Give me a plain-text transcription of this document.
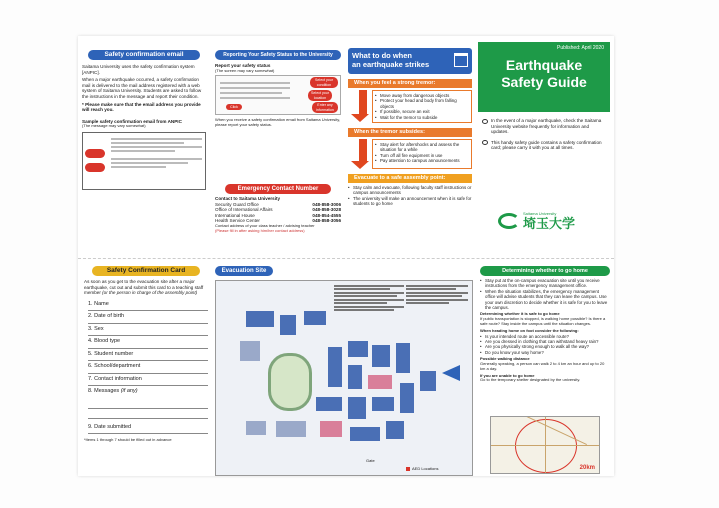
Safety confirmation email
Saitama University uses the safety confirmation system [ANPIC].
When a major earthquake occurred, a safety confirmation mail is delivered to the mail address registered with a web system of Saitama University. Students are asked to follow the instructions in the message and report their condition.
* Please make sure that the email address you provide will reach you.
Sample safety confirmation email from ANPIC
(The message may vary somewhat)
Reporting Your Safety Status to the University
Report your safety status
(The screen may vary somewhat)
Select your condition
Select your location
Enter any information
Click
When you receive a safety confirmation email from Saitama University, please report your safety status.
Emergency Contact Number
Contact to Saitama University
Security Guard Office	048-858-3006
Office of International Affairs	048-858-3028
International House	048-854-4555
Health Service Center	048-858-3056
Contact address of your class teacher / advising teacher
(Please fill in after asking him/her contact address)
What to do when
an earthquake strikes
When you feel a strong tremor:
• Move away from dangerous objects
• Protect your head and body from falling objects
• If possible, secure an exit
• Wait for the tremor to subside
When the tremor subsides:
• Stay alert for aftershocks and assess the situation for a while
• Turn off all fire equipment in use
• Pay attention to campus announcements
Evacuate to a safe assembly point:
• Stay calm and evacuate, following faculty staff instructions or campus announcements
• The university will make an announcement when it is safe for students to go home
Published: April 2020
Earthquake
Safety Guide
In the event of a major earthquake, check the Saitama University website frequently for information and updates.
This handy safety guide contains a safety confirmation card; please carry it with you at all times.
Saitama University
埼玉大学
Safety Confirmation Card
As soon as you get to the evacuation site after a major earthquake, cut out and submit this card to a teaching staff member (or the person in charge of the assembly point)
1. Name
2. Date of birth
3. Sex
4. Blood type
5. Student number
6. School/department
7. Contact information
8. Messages (if any)
9. Date submitted
*Items 1 through 7 should be filled out in advance
Evacuation Site
Gate
AED Locations
Determining whether to go home
• Stay put at the on-campus evacuation site until you receive instructions from the emergency management office.
• When the situation stabilizes, the emergency management office will advise students that they can leave the campus. Use your own discretion to decide whether it is safe for you to leave the campus.
Determining whether it is safe to go home
If public transportation is stopped, is walking home possible? Is there a safe route? Stay inside the campus until the situation changes.
When heading home on foot consider the following:
• Is your intended route an accessible route?
• Are you dressed in clothing that can withstand heavy rain?
• Are you physically strong enough to walk all the way?
• Do you know your way home?
Possible walking distance
Generally speaking, a person can walk 2 to 4 km an hour and up to 20 km a day.
If you are unable to go home
Go to the temporary shelter designated by the university.
20km
